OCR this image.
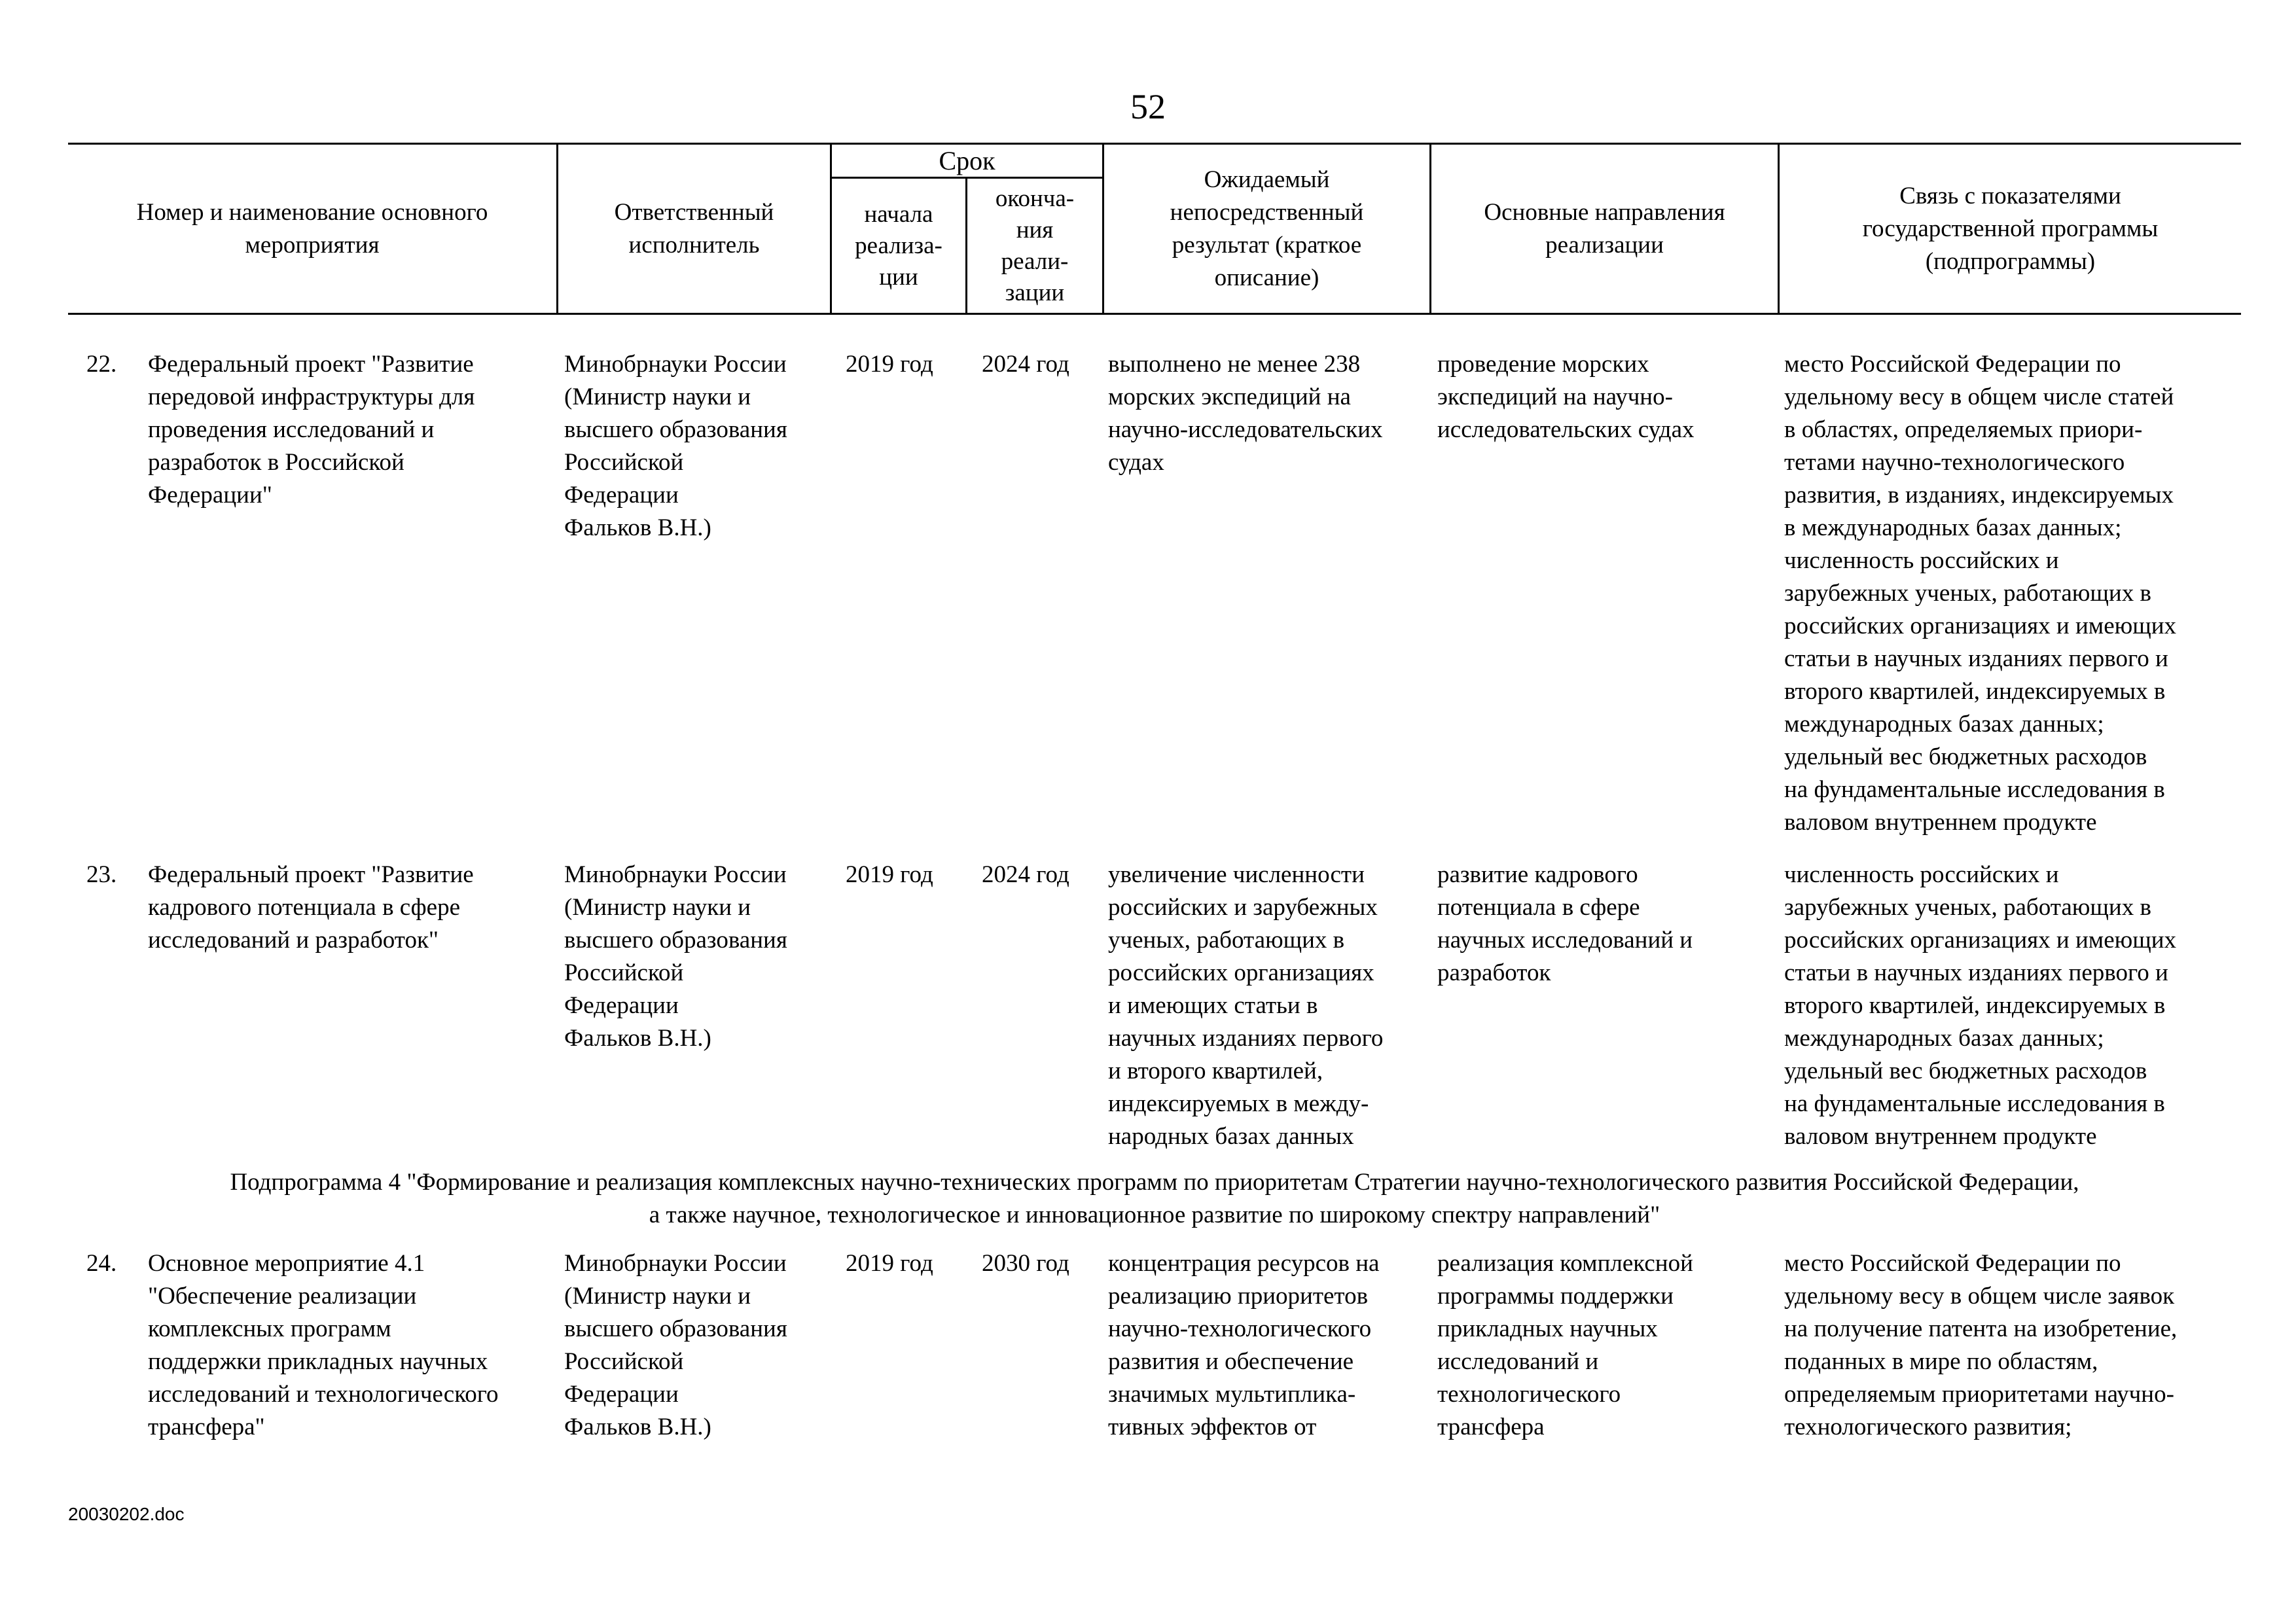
52
Номер и наименование основного
мероприятия
Ответственный
исполнитель
Срок
начала
реализа-
ции
оконча-
ния
реали-
зации
Ожидаемый
непосредственный
результат (краткое
описание)
Основные направления
реализации
Связь с показателями
государственной программы
(подпрограммы)
22. Федеральный проект "Развитие
передовой инфраструктуры для
проведения исследований и
разработок в Российской
Федерации"
Минобрнауки России
(Министр науки и
высшего образования
Российской
Федерации
Фальков В.Н.)
2019 год 2024 год выполнено не менее 238
морских экспедиций на
научно-исследовательских
судах
проведение морских
экспедиций на научно-
исследовательских судах
место Российской Федерации по
удельному весу в общем числе статей
в областях, определяемых приори-
тетами научно-технологического
развития, в изданиях, индексируемых
в международных базах данных;
численность российских и
зарубежных ученых, работающих в
российских организациях и имеющих
статьи в научных изданиях первого и
второго квартилей, индексируемых в
международных базах данных;
удельный вес бюджетных расходов
на фундаментальные исследования в
валовом внутреннем продукте
23. Федеральный проект "Развитие
кадрового потенциала в сфере
исследований и разработок"
Минобрнауки России
(Министр науки и
высшего образования
Российской
Федерации
Фальков В.Н.)
2019 год 2024 год увеличение численности
российских и зарубежных
ученых, работающих в
российских организациях
и имеющих статьи в
научных изданиях первого
и второго квартилей,
индексируемых в между-
народных базах данных
развитие кадрового
потенциала в сфере
научных исследований и
разработок
численность российских и
зарубежных ученых, работающих в
российских организациях и имеющих
статьи в научных изданиях первого и
второго квартилей, индексируемых в
международных базах данных;
удельный вес бюджетных расходов
на фундаментальные исследования в
валовом внутреннем продукте
Подпрограмма 4 "Формирование и реализация комплексных научно-технических программ по приоритетам Стратегии научно-технологического развития Российской Федерации,
а также научное, технологическое и инновационное развитие по широкому спектру направлений"
24. Основное мероприятие 4.1
"Обеспечение реализации
комплексных программ
поддержки прикладных научных
исследований и технологического
трансфера"
Минобрнауки России
(Министр науки и
высшего образования
Российской
Федерации
Фальков В.Н.)
2019 год 2030 год концентрация ресурсов на
реализацию приоритетов
научно-технологического
развития и обеспечение
значимых мультиплика-
тивных эффектов от
реализация комплексной
программы поддержки
прикладных научных
исследований и
технологического
трансфера
место Российской Федерации по
удельному весу в общем числе заявок
на получение патента на изобретение,
поданных в мире по областям,
определяемым приоритетами научно-
технологического развития;
20030202.doc
